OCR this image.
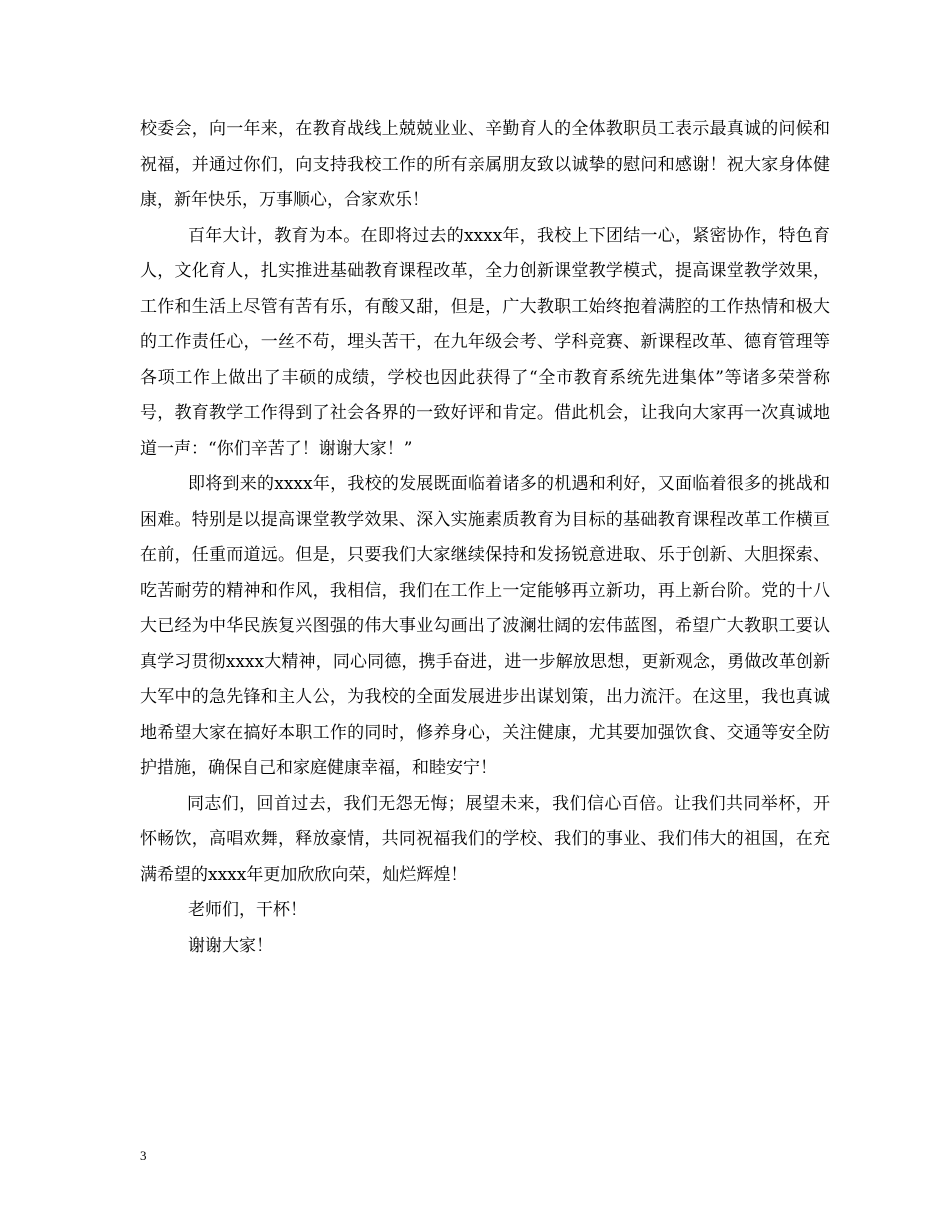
校委会，向一年来，在教育战线上兢兢业业、辛勤育人的全体教职员工表示最真诚的问候和祝福，并通过你们，向支持我校工作的所有亲属朋友致以诚挚的慰问和感谢！祝大家身体健康，新年快乐，万事顺心，合家欢乐！

百年大计，教育为本。在即将过去的xxxx年，我校上下团结一心，紧密协作，特色育人，文化育人，扎实推进基础教育课程改革，全力创新课堂教学模式，提高课堂教学效果，工作和生活上尽管有苦有乐，有酸又甜，但是，广大教职工始终抱着满腔的工作热情和极大的工作责任心，一丝不苟，埋头苦干，在九年级会考、学科竞赛、新课程改革、德育管理等各项工作上做出了丰硕的成绩，学校也因此获得了“全市教育系统先进集体”等诸多荣誉称号，教育教学工作得到了社会各界的一致好评和肯定。借此机会，让我向大家再一次真诚地道一声：“你们辛苦了！谢谢大家！”

即将到来的xxxx年，我校的发展既面临着诸多的机遇和利好，又面临着很多的挑战和困难。特别是以提高课堂教学效果、深入实施素质教育为目标的基础教育课程改革工作横亘在前，任重而道远。但是，只要我们大家继续保持和发扬锐意进取、乐于创新、大胆探索、吃苦耐劳的精神和作风，我相信，我们在工作上一定能够再立新功，再上新台阶。党的十八大已经为中华民族复兴图强的伟大事业勾画出了波澜壮阔的宏伟蓝图，希望广大教职工要认真学习贯彻xxxx大精神，同心同德，携手奋进，进一步解放思想，更新观念，勇做改革创新大军中的急先锋和主人公，为我校的全面发展进步出谋划策，出力流汗。在这里，我也真诚地希望大家在搞好本职工作的同时，修养身心，关注健康，尤其要加强饮食、交通等安全防护措施，确保自己和家庭健康幸福，和睦安宁！

同志们，回首过去，我们无怨无悔；展望未来，我们信心百倍。让我们共同举杯，开怀畅饮，高唱欢舞，释放豪情，共同祝福我们的学校、我们的事业、我们伟大的祖国，在充满希望的xxxx年更加欣欣向荣，灿烂辉煌！

老师们，干杯！

谢谢大家！

3
